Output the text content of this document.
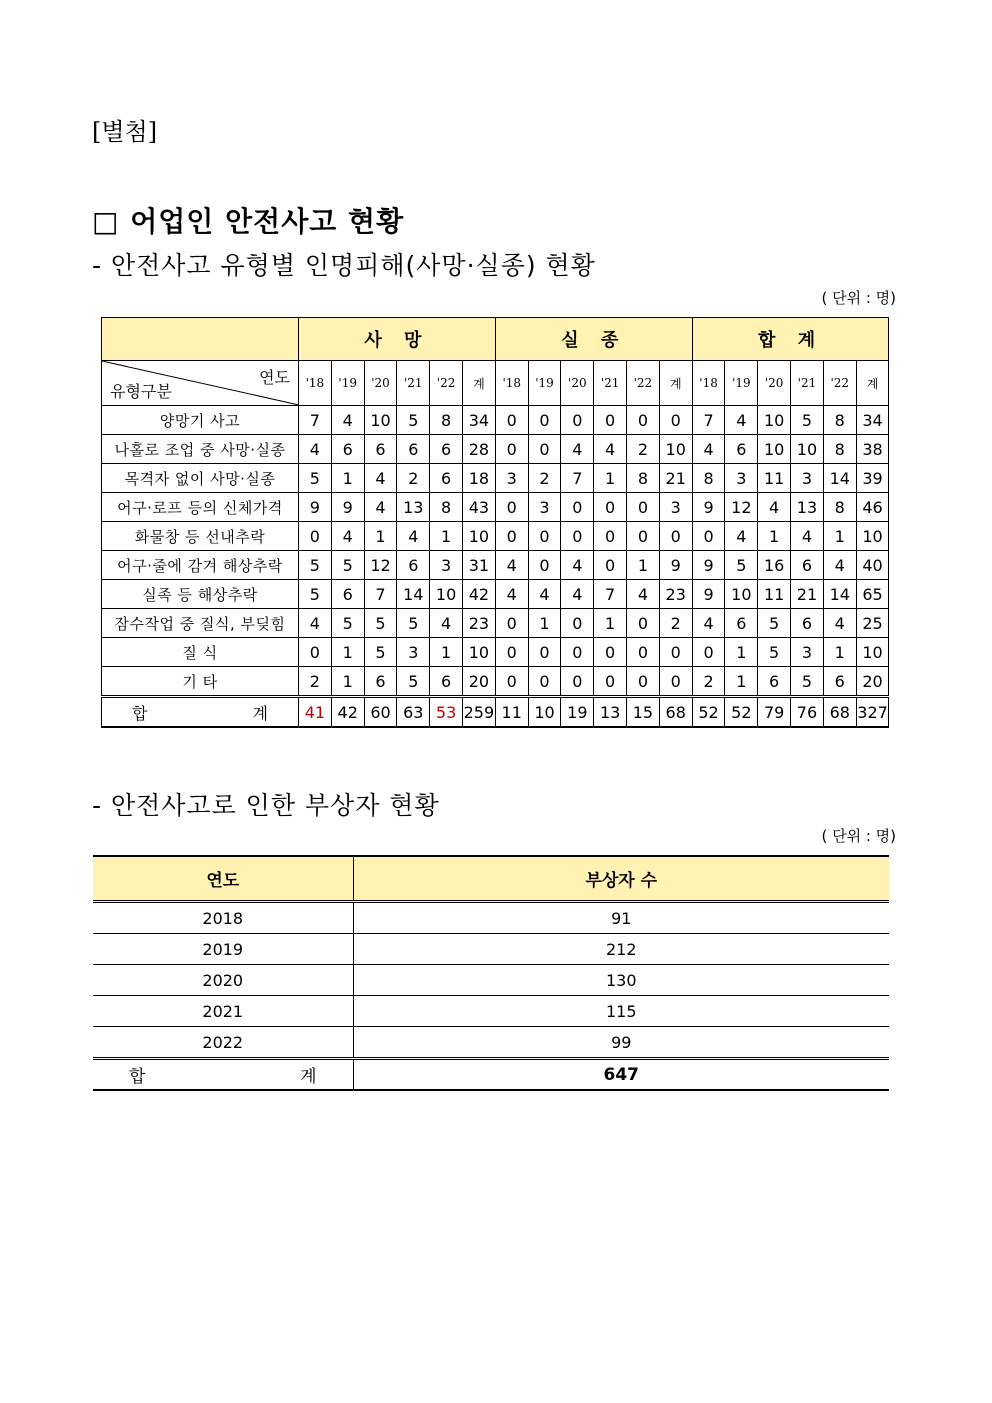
[별첨]
□ 어업인 안전사고 현황
- 안전사고 유형별 인명피해(사망·실종) 현황
( 단위 : 명)
	사 망						실 종						합 계					

연도
유형구분	'18	'19	'20	'21	'22	계	'18	'19	'20	'21	'22	계	'18	'19	'20	'21	'22	계
양망기 사고	7	4	10	5	8	34	0	0	0	0	0	0	7	4	10	5	8	34
나홀로 조업 중 사망·실종	4	6	6	6	6	28	0	0	4	4	2	10	4	6	10	10	8	38
목격자 없이 사망·실종	5	1	4	2	6	18	3	2	7	1	8	21	8	3	11	3	14	39
어구·로프 등의 신체가격	9	9	4	13	8	43	0	3	0	0	0	3	9	12	4	13	8	46
화물창 등 선내추락	0	4	1	4	1	10	0	0	0	0	0	0	0	4	1	4	1	10
어구·줄에 감겨 해상추락	5	5	12	6	3	31	4	0	4	0	1	9	9	5	16	6	4	40
실족 등 해상추락	5	6	7	14	10	42	4	4	4	7	4	23	9	10	11	21	14	65
잠수작업 중 질식, 부딪힘	4	5	5	5	4	23	0	1	0	1	0	2	4	6	5	6	4	25
질 식	0	1	5	3	1	10	0	0	0	0	0	0	0	1	5	3	1	10
기 타	2	1	6	5	6	20	0	0	0	0	0	0	2	1	6	5	6	20

합 계	41	42	60	63	53	259	11	10	19	13	15	68	52	52	79	76	68	327
- 안전사고로 인한 부상자 현황
( 단위 : 명)
연도	부상자 수
2018	91
2019	212
2020	130
2021	115
2022	99

합 계	647
